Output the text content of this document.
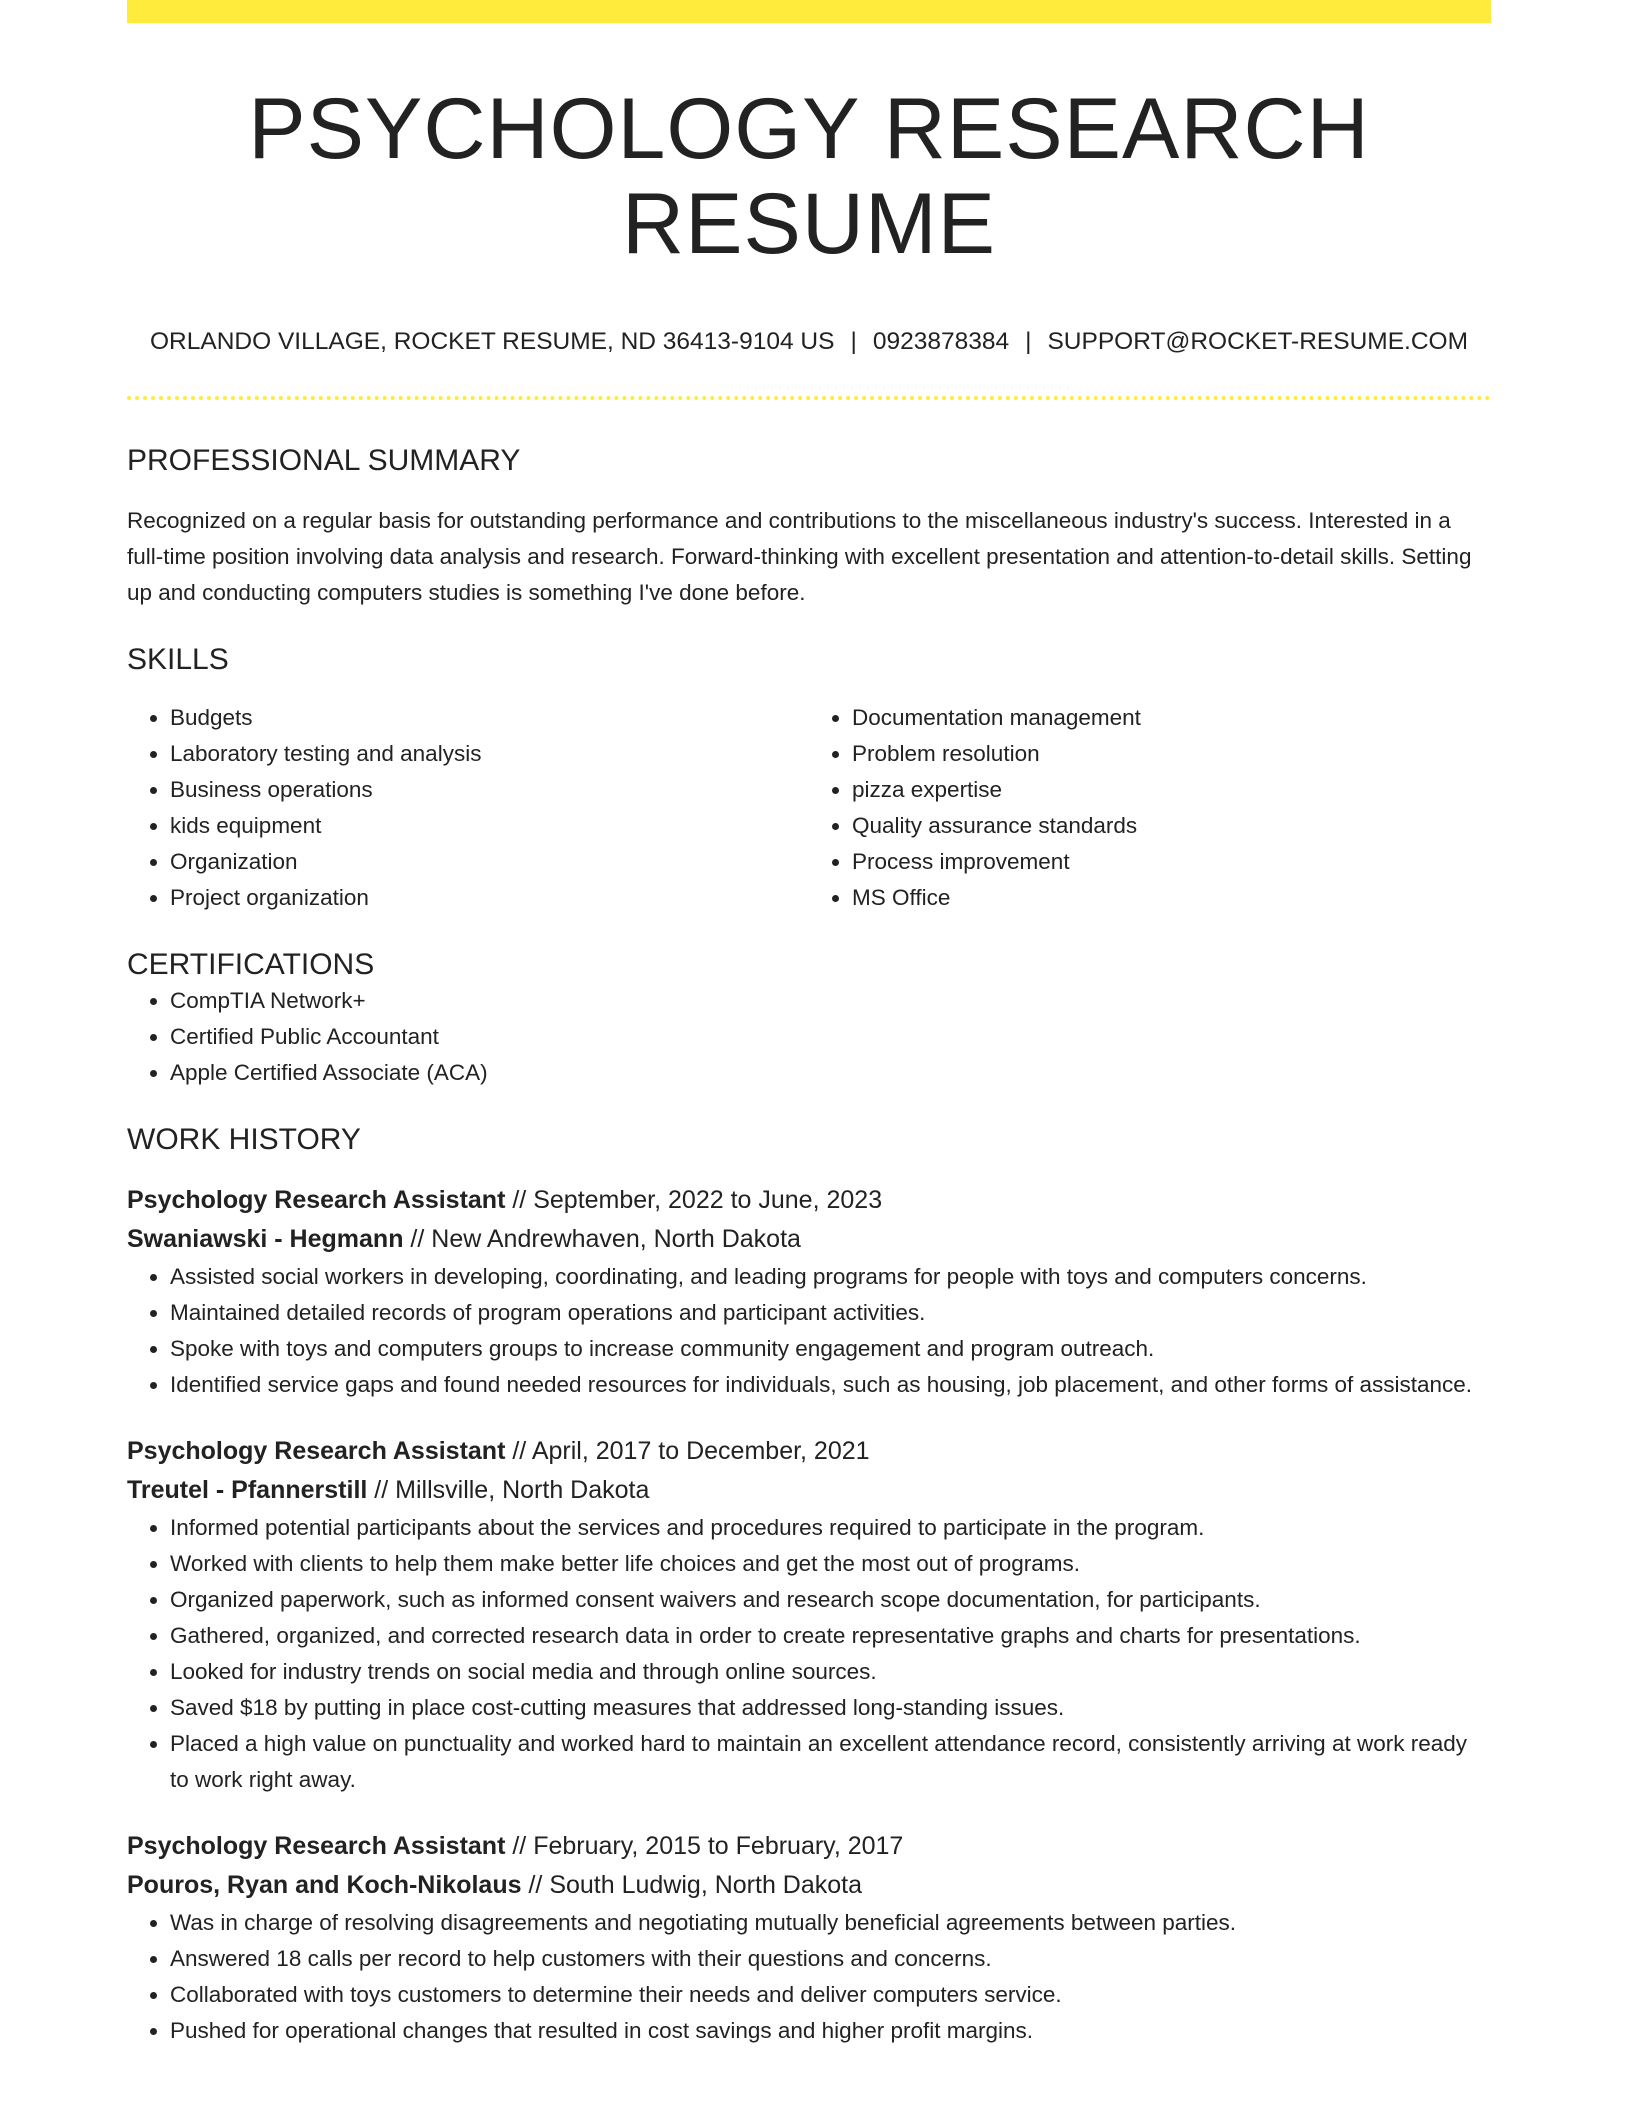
PSYCHOLOGY RESEARCH RESUME
ORLANDO VILLAGE, ROCKET RESUME, ND 36413-9104 US | 0923878384 | SUPPORT@ROCKET-RESUME.COM
PROFESSIONAL SUMMARY

Recognized on a regular basis for outstanding performance and contributions to the miscellaneous industry's success. Interested in a full-time position involving data analysis and research. Forward-thinking with excellent presentation and attention-to-detail skills. Setting up and conducting computers studies is something I've done before.

SKILLS
• Budgets
• Laboratory testing and analysis
• Business operations
• kids equipment
• Organization
• Project organization
• Documentation management
• Problem resolution
• pizza expertise
• Quality assurance standards
• Process improvement
• MS Office
CERTIFICATIONS
• CompTIA Network+
• Certified Public Accountant
• Apple Certified Associate (ACA)
WORK HISTORY
Psychology Research Assistant // September, 2022 to June, 2023
Swaniawski - Hegmann // New Andrewhaven, North Dakota
• Assisted social workers in developing, coordinating, and leading programs for people with toys and computers concerns.
• Maintained detailed records of program operations and participant activities.
• Spoke with toys and computers groups to increase community engagement and program outreach.
• Identified service gaps and found needed resources for individuals, such as housing, job placement, and other forms of assistance.
Psychology Research Assistant // April, 2017 to December, 2021
Treutel - Pfannerstill // Millsville, North Dakota
• Informed potential participants about the services and procedures required to participate in the program.
• Worked with clients to help them make better life choices and get the most out of programs.
• Organized paperwork, such as informed consent waivers and research scope documentation, for participants.
• Gathered, organized, and corrected research data in order to create representative graphs and charts for presentations.
• Looked for industry trends on social media and through online sources.
• Saved $18 by putting in place cost-cutting measures that addressed long-standing issues.
• Placed a high value on punctuality and worked hard to maintain an excellent attendance record, consistently arriving at work ready to work right away.
Psychology Research Assistant // February, 2015 to February, 2017
Pouros, Ryan and Koch-Nikolaus // South Ludwig, North Dakota
• Was in charge of resolving disagreements and negotiating mutually beneficial agreements between parties.
• Answered 18 calls per record to help customers with their questions and concerns.
• Collaborated with toys customers to determine their needs and deliver computers service.
• Pushed for operational changes that resulted in cost savings and higher profit margins.
